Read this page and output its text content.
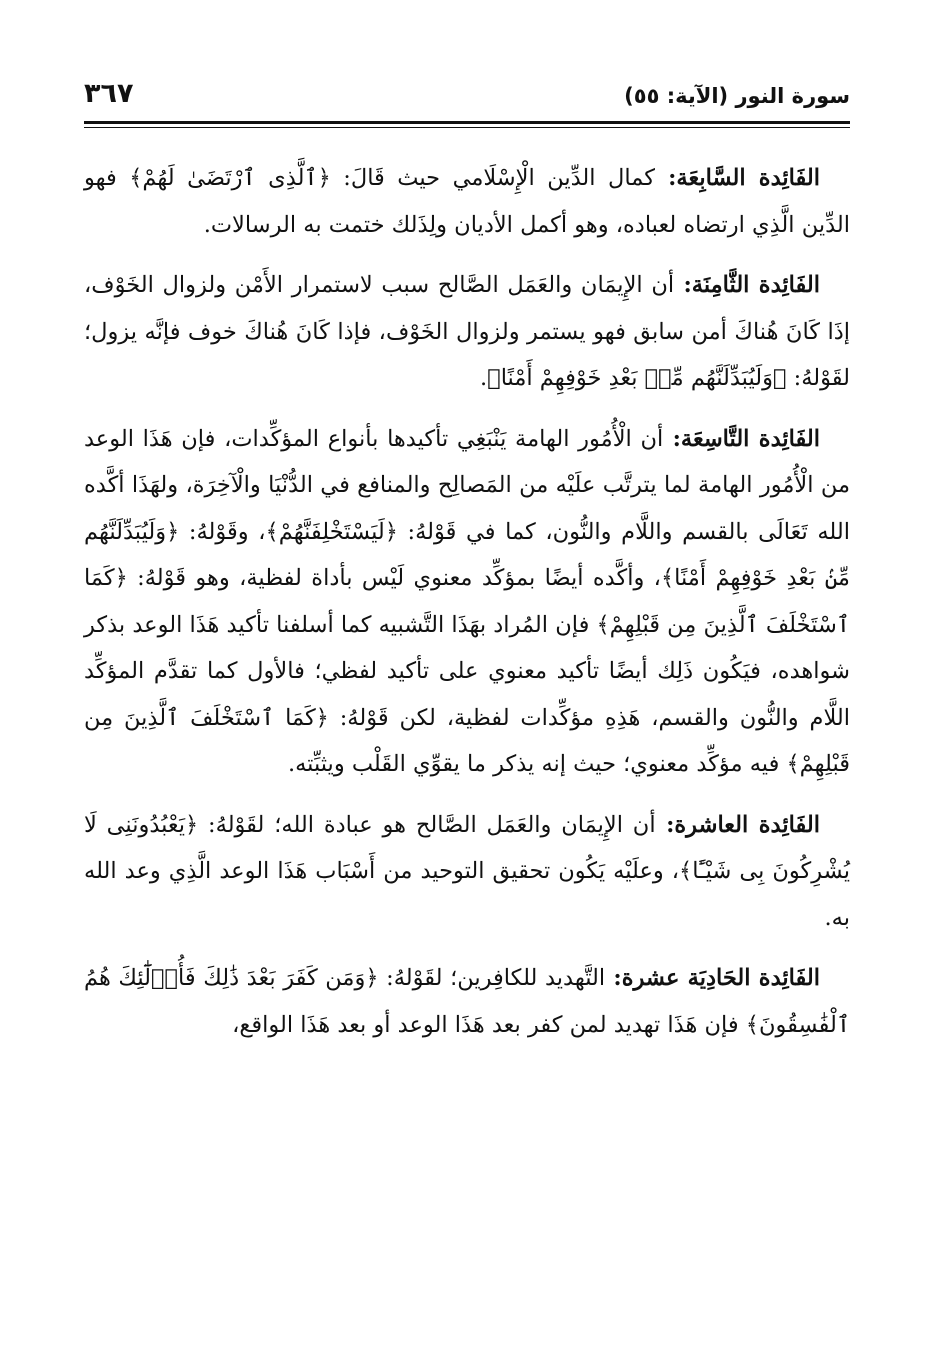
سورة النور (الآية: ٥٥)
٣٦٧

الفَائِدة السَّابِعَة: كمال الدِّين الْإِسْلَامي حيث قَالَ: ﴿ٱلَّذِى ٱرْتَضَىٰ لَهُمْ﴾ فهو الدِّين الَّذِي ارتضاه لعباده، وهو أكمل الأديان ولِذَلك ختمت به الرسالات.

الفَائِدة الثَّامِنَة: أن الإِيمَان والعَمَل الصَّالح سبب لاستمرار الأَمْن ولزوال الخَوْف، إذَا كَانَ هُناكَ أمن سابق فهو يستمر ولزوال الخَوْف، فإذا كَانَ هُناكَ خوف فإنَّه يزول؛ لقَوْلهُ: ﴿وَلَيُبَدِّلَنَّهُم مِّنۢ بَعْدِ خَوْفِهِمْ أَمْنًا﴾.

الفَائِدة التَّاسِعَة: أن الْأُمُور الهامة يَنْبَغِي تأكيدها بأنواع المؤكِّدات، فإن هَذَا الوعد من الْأُمُور الهامة لما يترتَّب علَيْه من المَصالِح والمنافع في الدُّنْيَا والْآخِرَة، ولهَذَا أكَّده الله تَعَالَى بالقسم واللَّام والنُّون، كما في قَوْلهُ: ﴿لَيَسْتَخْلِفَنَّهُمْ﴾، وقَوْلهُ: ﴿وَلَيُبَدِّلَنَّهُم مِّنۢ بَعْدِ خَوْفِهِمْ أَمْنًا﴾، وأكَّده أيضًا بمؤكِّد معنوي لَيْس بأداة لفظية، وهو قَوْلهُ: ﴿كَمَا ٱسْتَخْلَفَ ٱلَّذِينَ مِن قَبْلِهِمْ﴾ فإن المُراد بهَذَا التَّشبيه كما أسلفنا تأكيد هَذَا الوعد بذكر شواهده، فيَكُون ذَلِك أيضًا تأكيد معنوي على تأكيد لفظي؛ فالأول كما تقدَّم المؤكِّد اللَّام والنُّون والقسم، هَذِهِ مؤكِّدات لفظية، لكن قَوْلهُ: ﴿كَمَا ٱسْتَخْلَفَ ٱلَّذِينَ مِن قَبْلِهِمْ﴾ فيه مؤكِّد معنوي؛ حيث إنه يذكر ما يقوِّي القَلْب ويثبِّته.

الفَائِدة العاشرة: أن الإِيمَان والعَمَل الصَّالح هو عبادة الله؛ لقَوْلهُ: ﴿يَعْبُدُونَنِى لَا يُشْرِكُونَ بِى شَيْـًٔا﴾، وعلَيْه يَكُون تحقيق التوحيد من أَسْبَاب هَذَا الوعد الَّذِي وعد الله به.

الفَائِدة الحَادِيَة عشرة: التَّهديد للكافِرين؛ لقَوْلهُ: ﴿وَمَن كَفَرَ بَعْدَ ذَٰلِكَ فَأُو۟لَٰٓئِكَ هُمُ ٱلْفَٰسِقُونَ﴾ فإن هَذَا تهديد لمن كفر بعد هَذَا الوعد أو بعد هَذَا الواقع،
